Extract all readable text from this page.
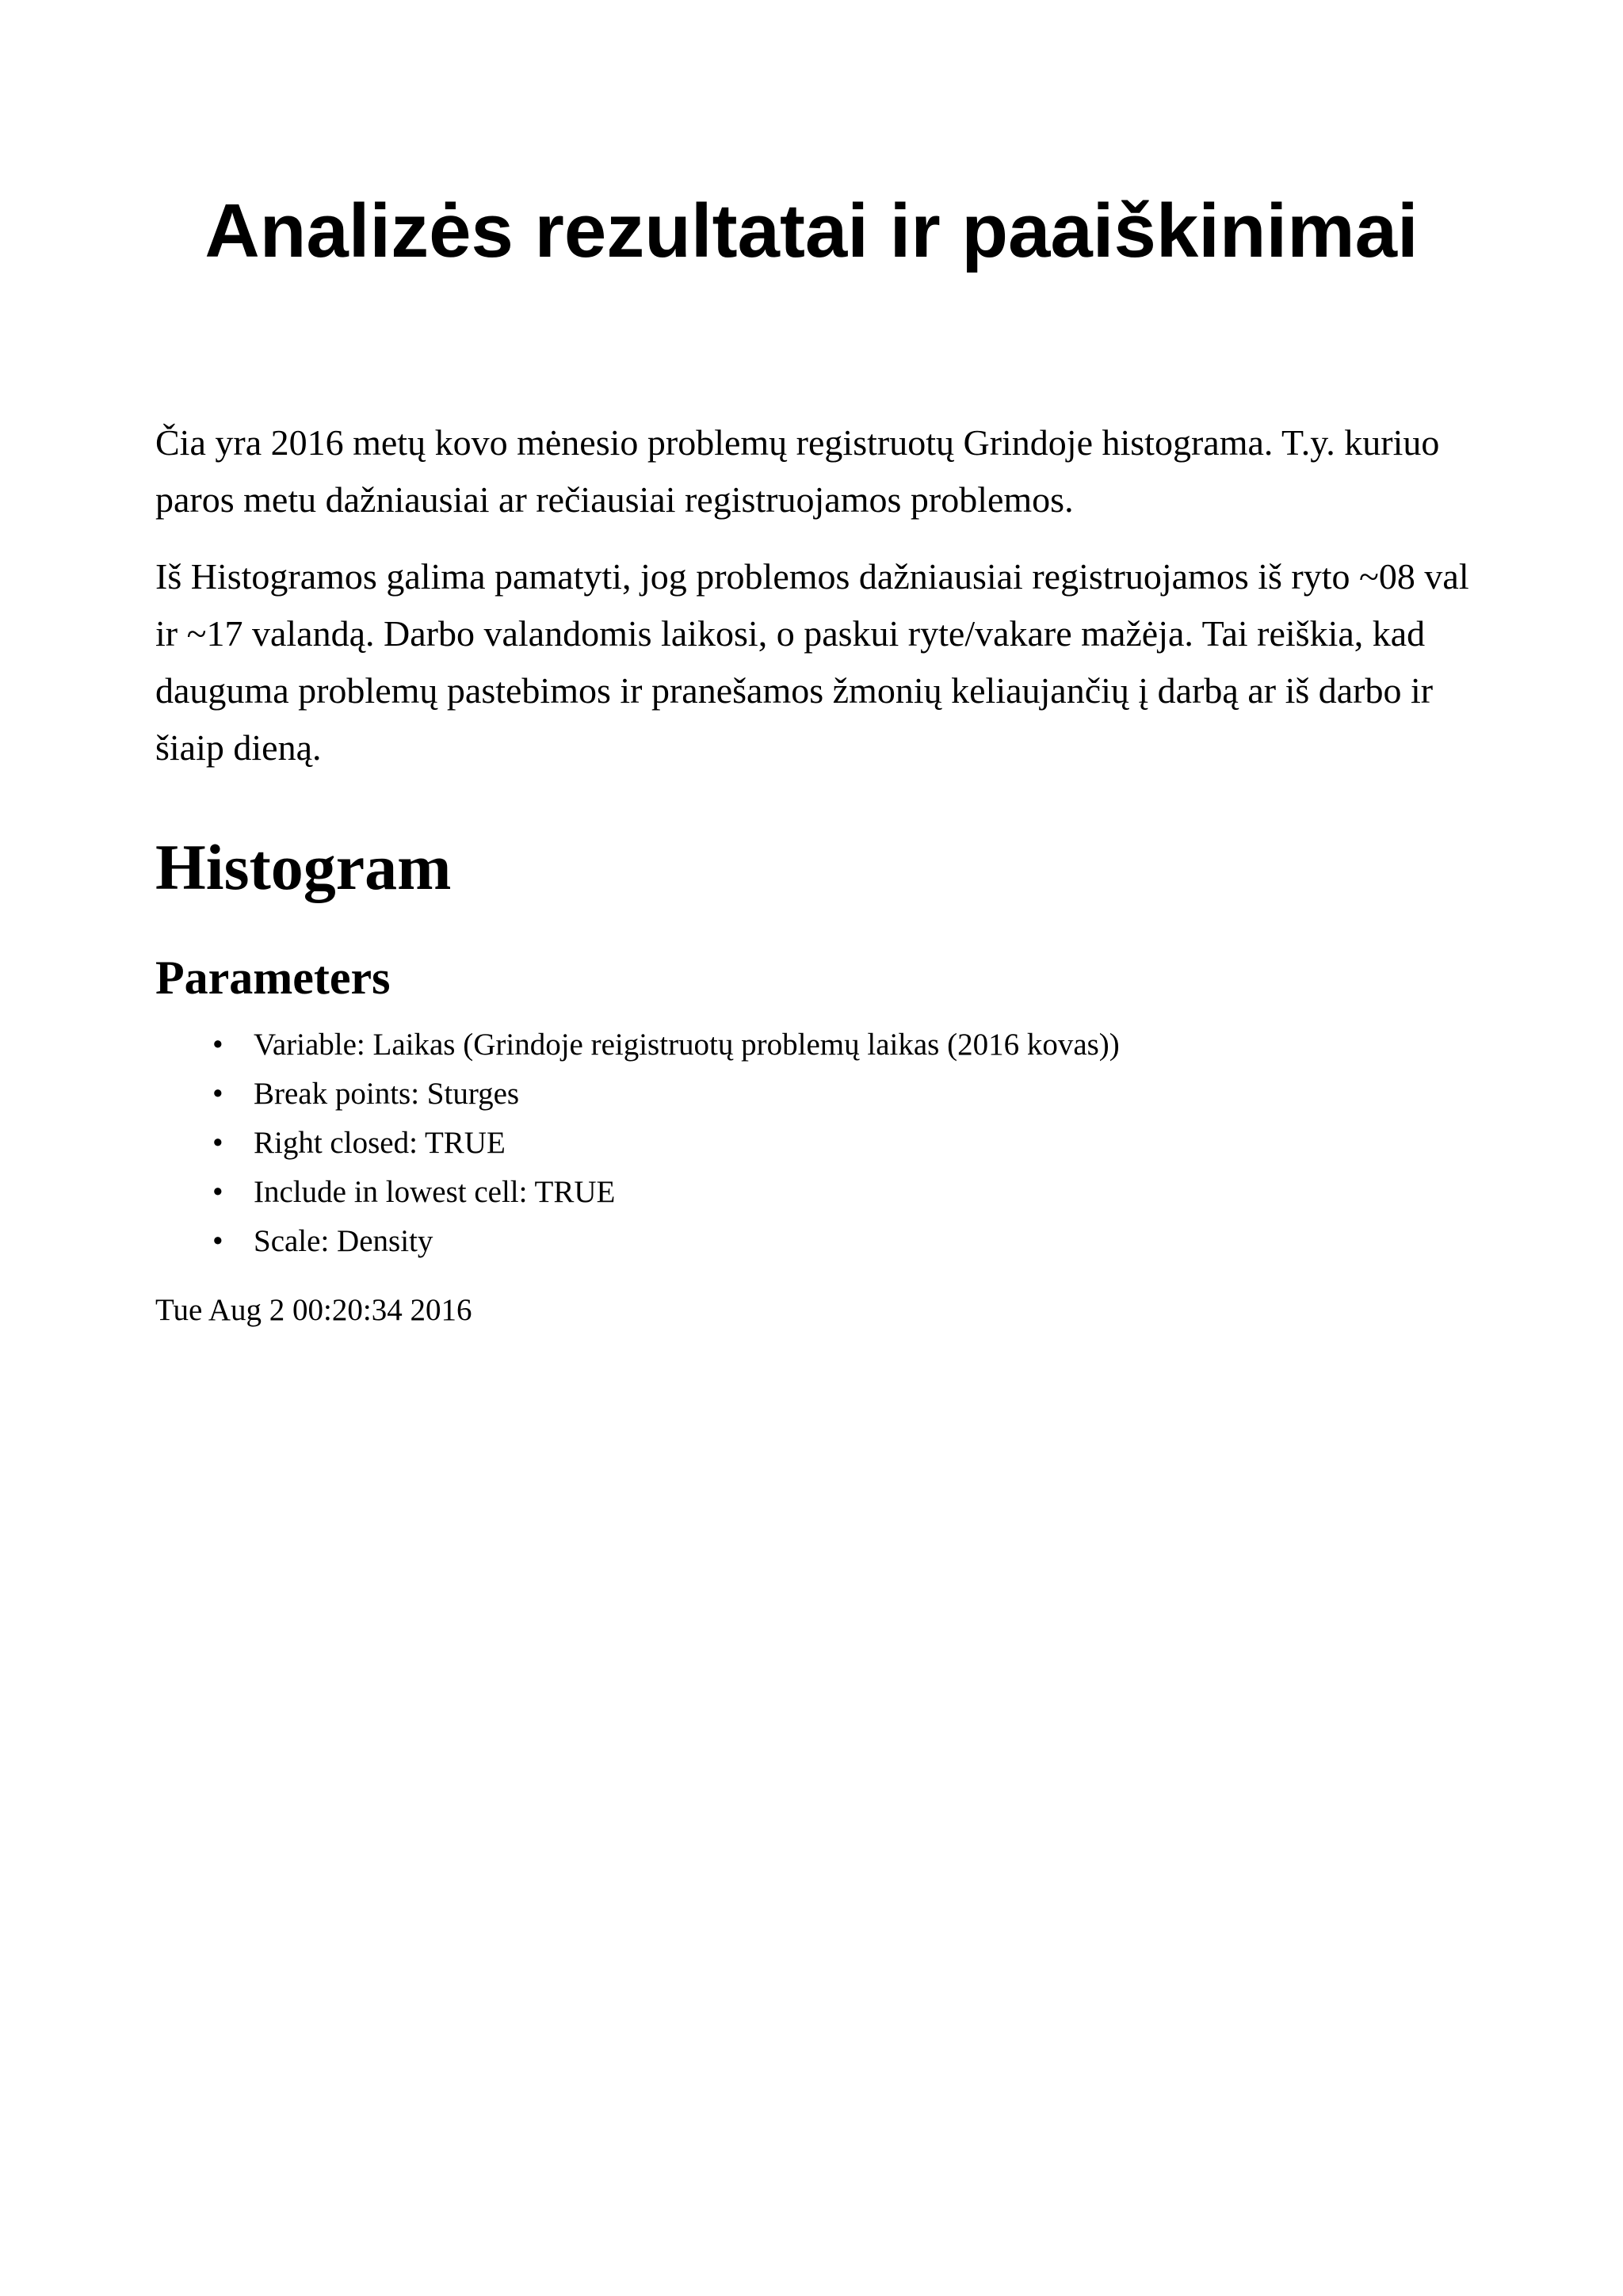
Analizės rezultatai ir paaiškinimai

Čia yra 2016 metų kovo mėnesio problemų registruotų Grindoje histograma. T.y. kuriuo paros metu dažniausiai ar rečiausiai registruojamos problemos.

Iš Histogramos galima pamatyti, jog problemos dažniausiai registruojamos iš ryto ~08 val ir ~17 valandą. Darbo valandomis laikosi, o paskui ryte/vakare mažėja. Tai reiškia, kad dauguma problemų pastebimos ir pranešamos žmonių keliaujančių į darbą ar iš darbo ir šiaip dieną.

Histogram
Parameters
• Variable: Laikas (Grindoje reigistruotų problemų laikas (2016 kovas))
• Break points: Sturges
• Right closed: TRUE
• Include in lowest cell: TRUE
• Scale: Density

Tue Aug 2 00:20:34 2016
